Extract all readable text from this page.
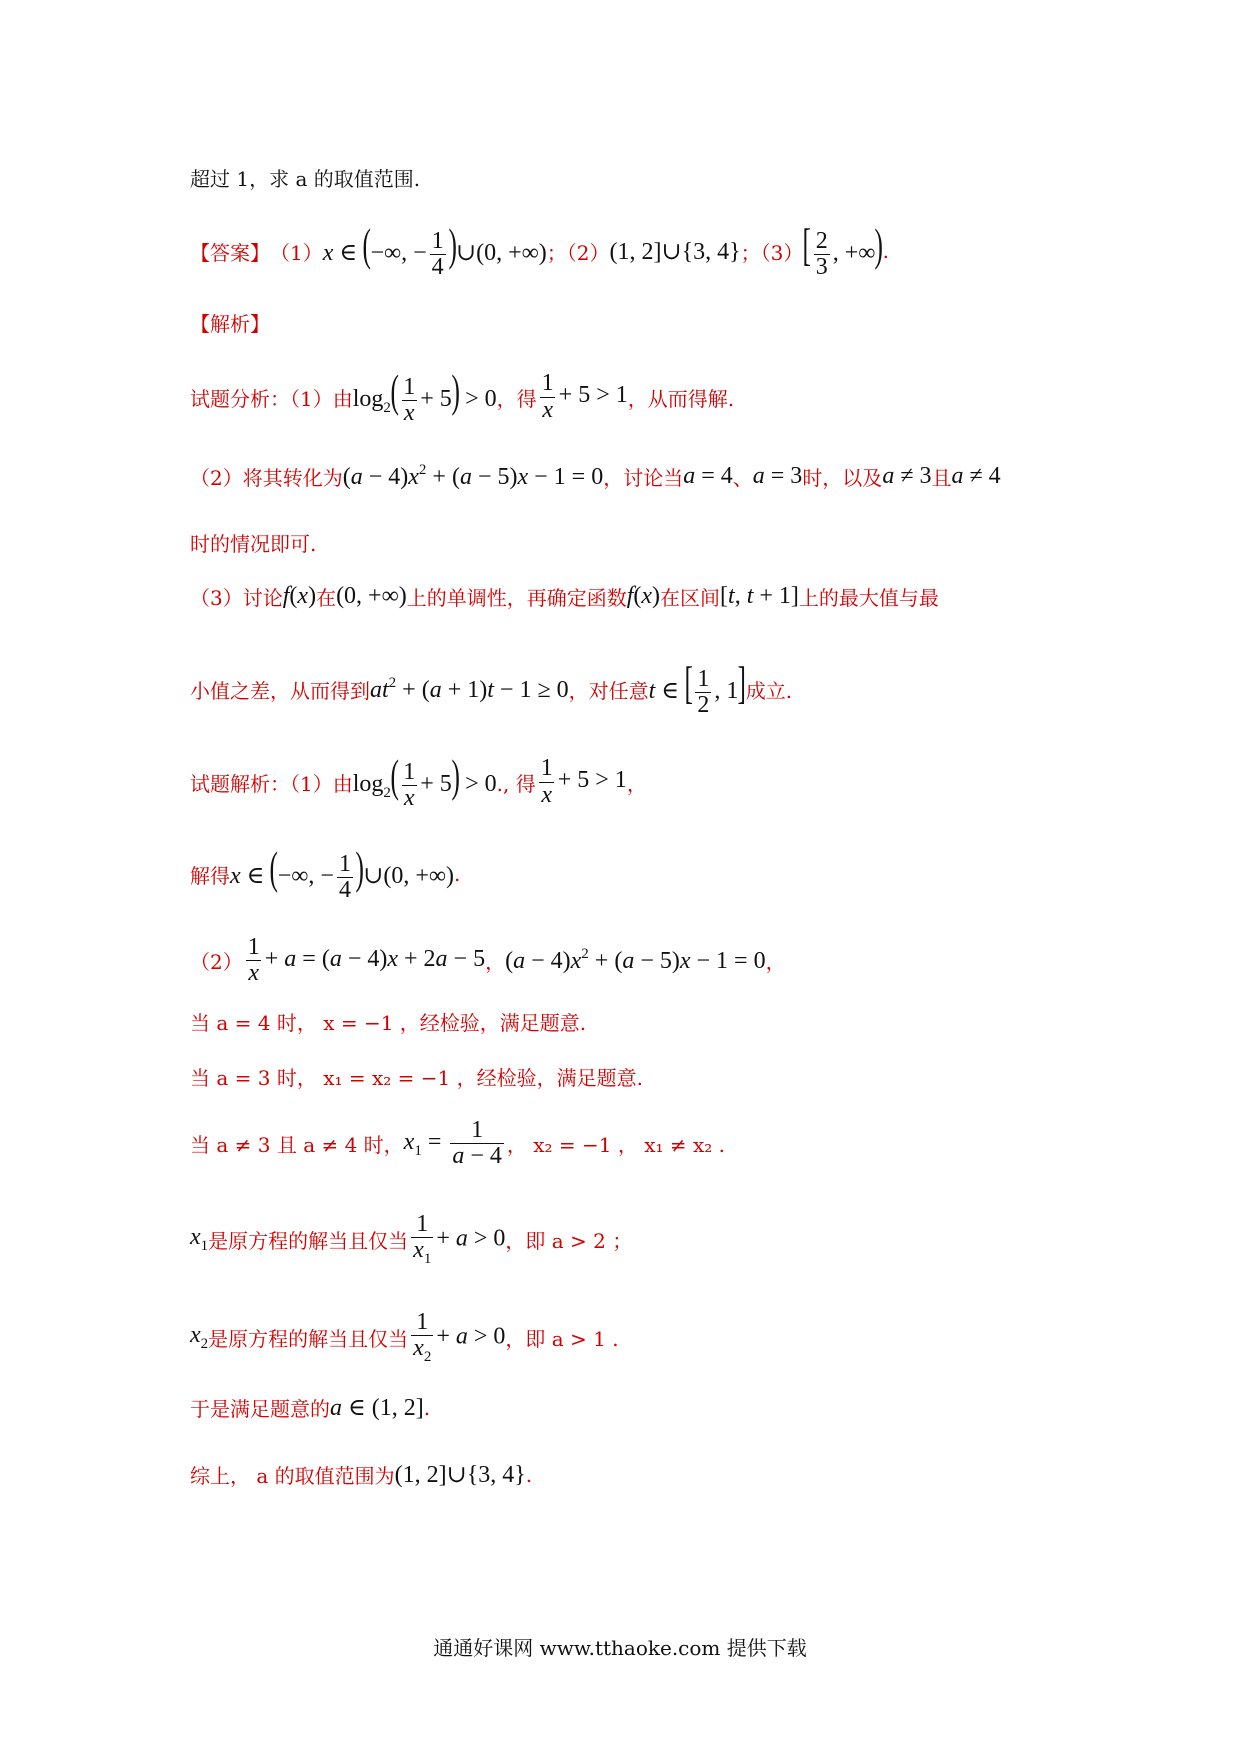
超过 1，求 a 的取值范围.
【答案】 （1） x ∈ (−∞, − $\frac{1}{4}$ )∪(0, +∞) ；（2） (1, 2]∪{3, 4} ；（3） [ $\frac{2}{3}$ , +∞) .
【解析】
试题分析：（1）由 $\log_2( \frac{1}{x} + 5) > 0$ ，得 $\frac{1}{x} + 5 > 1$ ，从而得解.
（2）将其转化为 $(a - 4)x^2 + (a - 5)x - 1 = 0$ ，讨论当 a = 4 、 a = 3 时，以及 a ≠ 3 且 a ≠ 4
时的情况即可.
（3）讨论 f(x) 在 (0, +∞) 上的单调性，再确定函数 f(x) 在区间 [t, t + 1] 上的最大值与最
小值之差，从而得到 $at^2 + (a + 1)t - 1 \ge 0$ ，对任意 t ∈ [ $\frac{1}{2}$ , 1] 成立.
试题解析：（1）由 $\log_2( \frac{1}{x} + 5) > 0$ ., 得 $\frac{1}{x} + 5 > 1$ ，
解得 x ∈ (−∞, − $\frac{1}{4}$ )∪(0, +∞) .
$(2) \frac{1}{x} + a = (a - 4)x + 2a - 5$ ， $(a - 4)x^2 + (a - 5)x - 1 = 0$ ，
当 a = 4 时， x = −1 ，经检验，满足题意.
当 a = 3 时， x₁ = x₂ = −1 ，经检验，满足题意.
当 a ≠ 3 且 a ≠ 4 时， $x_1 = \frac{1}{a - 4}$ ， x₂ = −1 ， x₁ ≠ x₂ .
$x_1$ 是原方程的解当且仅当 $\frac{1}{x_1} + a > 0$ ，即 a > 2 ；
$x_2$ 是原方程的解当且仅当 $\frac{1}{x_2} + a > 0$ ，即 a > 1 .
于是满足题意的 a ∈ (1, 2] .
综上， a 的取值范围为 (1, 2]∪{3, 4} .
通通好课网 www.tthaoke.com 提供下载
